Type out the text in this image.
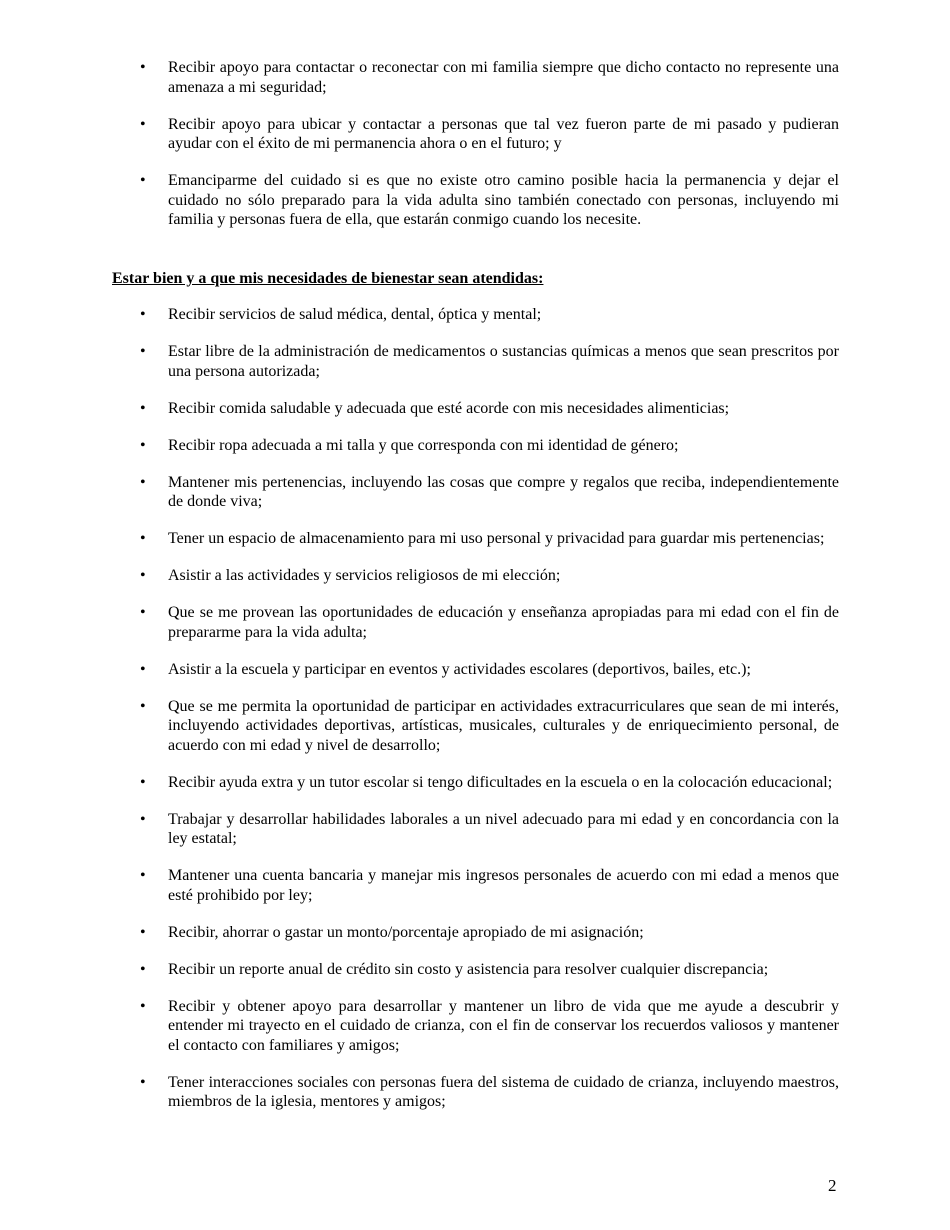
• Recibir apoyo para contactar o reconectar con mi familia siempre que dicho contacto no represente una amenaza a mi seguridad;
• Recibir apoyo para ubicar y contactar a personas que tal vez fueron parte de mi pasado y pudieran ayudar con el éxito de mi permanencia ahora o en el futuro; y
• Emanciparme del cuidado si es que no existe otro camino posible hacia la permanencia y dejar el cuidado no sólo preparado para la vida adulta sino también conectado con personas, incluyendo mi familia y personas fuera de ella, que estarán conmigo cuando los necesite.

Estar bien y a que mis necesidades de bienestar sean atendidas:

• Recibir servicios de salud médica, dental, óptica y mental;
• Estar libre de la administración de medicamentos o sustancias químicas a menos que sean prescritos por una persona autorizada;
• Recibir comida saludable y adecuada que esté acorde con mis necesidades alimenticias;
• Recibir ropa adecuada a mi talla y que corresponda con mi identidad de género;
• Mantener mis pertenencias, incluyendo las cosas que compre y regalos que reciba, independientemente de donde viva;
• Tener un espacio de almacenamiento para mi uso personal y privacidad para guardar mis pertenencias;
• Asistir a las actividades y servicios religiosos de mi elección;
• Que se me provean las oportunidades de educación y enseñanza apropiadas para mi edad con el fin de prepararme para la vida adulta;
• Asistir a la escuela y participar en eventos y actividades escolares (deportivos, bailes, etc.);
• Que se me permita la oportunidad de participar en actividades extracurriculares que sean de mi interés, incluyendo actividades deportivas, artísticas, musicales, culturales y de enriquecimiento personal, de acuerdo con mi edad y nivel de desarrollo;
• Recibir ayuda extra y un tutor escolar si tengo dificultades en la escuela o en la colocación educacional;
• Trabajar y desarrollar habilidades laborales a un nivel adecuado para mi edad y en concordancia con la ley estatal;
• Mantener una cuenta bancaria y manejar mis ingresos personales de acuerdo con mi edad a menos que esté prohibido por ley;
• Recibir, ahorrar o gastar un monto/porcentaje apropiado de mi asignación;
• Recibir un reporte anual de crédito sin costo y asistencia para resolver cualquier discrepancia;
• Recibir y obtener apoyo para desarrollar y mantener un libro de vida que me ayude a descubrir y entender mi trayecto en el cuidado de crianza, con el fin de conservar los recuerdos valiosos y mantener el contacto con familiares y amigos;
• Tener interacciones sociales con personas fuera del sistema de cuidado de crianza, incluyendo maestros, miembros de la iglesia, mentores y amigos;
2
